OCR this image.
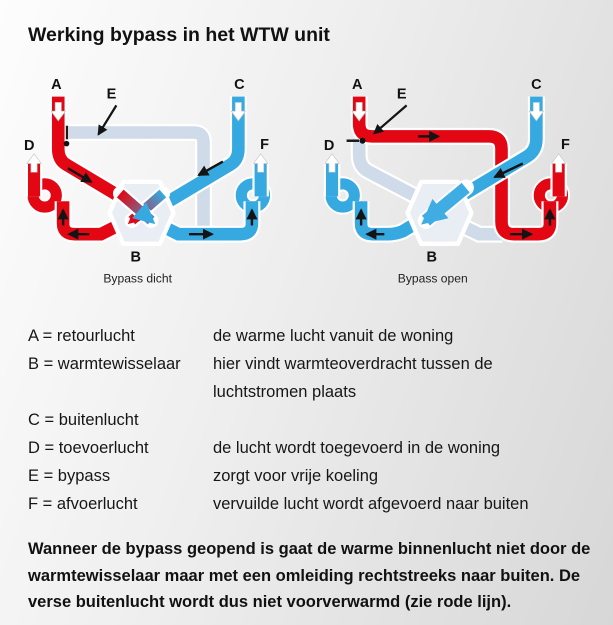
Werking bypass in het WTW unit
A
E
C
D	F
B
Bypass dicht
A
E
C
D	F
B
Bypass open
A = retourlucht	de warme lucht vanuit de woning
B = warmtewisselaar	hier vindt warmteoverdracht tussen de luchtstromen plaats
C = buitenlucht
D = toevoerlucht	de lucht wordt toegevoerd in de woning
E = bypass	zorgt voor vrije koeling
F = afvoerlucht	vervuilde lucht wordt afgevoerd naar buiten

Wanneer de bypass geopend is gaat de warme binnenlucht niet door de warmtewisselaar maar met een omleiding rechtstreeks naar buiten. De verse buitenlucht wordt dus niet voorverwarmd (zie rode lijn).
